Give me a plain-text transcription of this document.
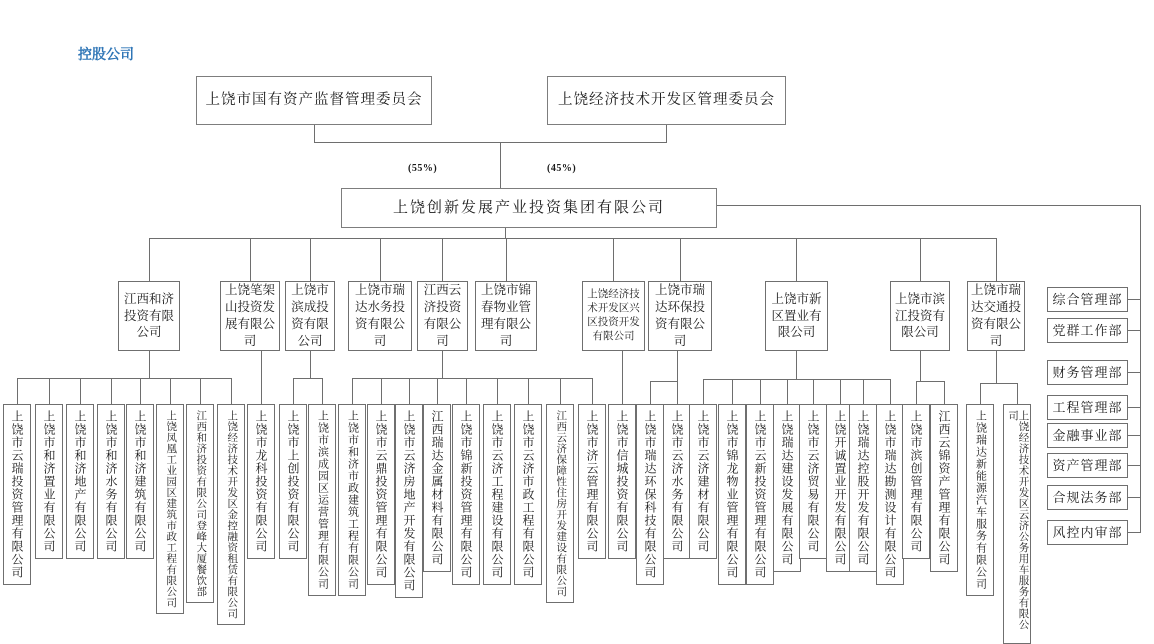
控股公司
上饶市国有资产监督管理委员会	上饶经济技术开发区管理委员会
(55%)	(45%)
上饶创新发展产业投资集团有限公司
江西和济投资有限公司
上饶笔架山投资发展有限公司
上饶市滨成投资有限公司
上饶市瑞达水务投资有限公司
江西云济投资有限公司
上饶市锦春物业管理有限公司
上饶经济技术开发区兴区投资开发有限公司
上饶市瑞达环保投资有限公司
上饶市新区置业有限公司
上饶市滨江投资有限公司
上饶市瑞达交通投资有限公司
上饶市云瑞投资管理有限公司	上饶市和济置业有限公司	上饶市和济地产有限公司	上饶市和济水务有限公司	上饶市和济建筑有限公司	上饶凤凰工业园区建筑市政工程有限公司	江西和济投资有限公司登峰大厦餐饮部	上饶经济技术开发区金控融资租赁有限公司	上饶市龙科投资有限公司	上饶市上创投资有限公司	上饶市滨成园区运营管理有限公司	上饶市和济市政建筑工程有限公司	上饶市云鼎投资管理有限公司	上饶市云济房地产开发有限公司	江西瑞达金属材料有限公司	上饶市锦新投资管理有限公司	上饶市云济工程建设有限公司	上饶市云济市政工程有限公司	江西云济保障性住房开发建设有限公司	上饶市济云管理有限公司	上饶市信城投资有限公司	上饶市瑞达环保科技有限公司	上饶市云济水务有限公司	上饶市云济建材有限公司	上饶市锦龙物业管理有限公司	上饶市云新投资管理有限公司	上饶瑞达建设发展有限公司	上饶市云济贸易有限公司	上饶开诚置业开发有限公司 上饶瑞达控股开发有限公司	上饶市瑞达勘测设计有限公司	上饶市滨创管理有限公司	江西云锦资产管理有限公司	上饶瑞达新能源汽车服务有限公司	上饶经济技术开发区云济公务用车服务有限公司
综合管理部
党群工作部
财务管理部
工程管理部
金融事业部
资产管理部
合规法务部
风控内审部
